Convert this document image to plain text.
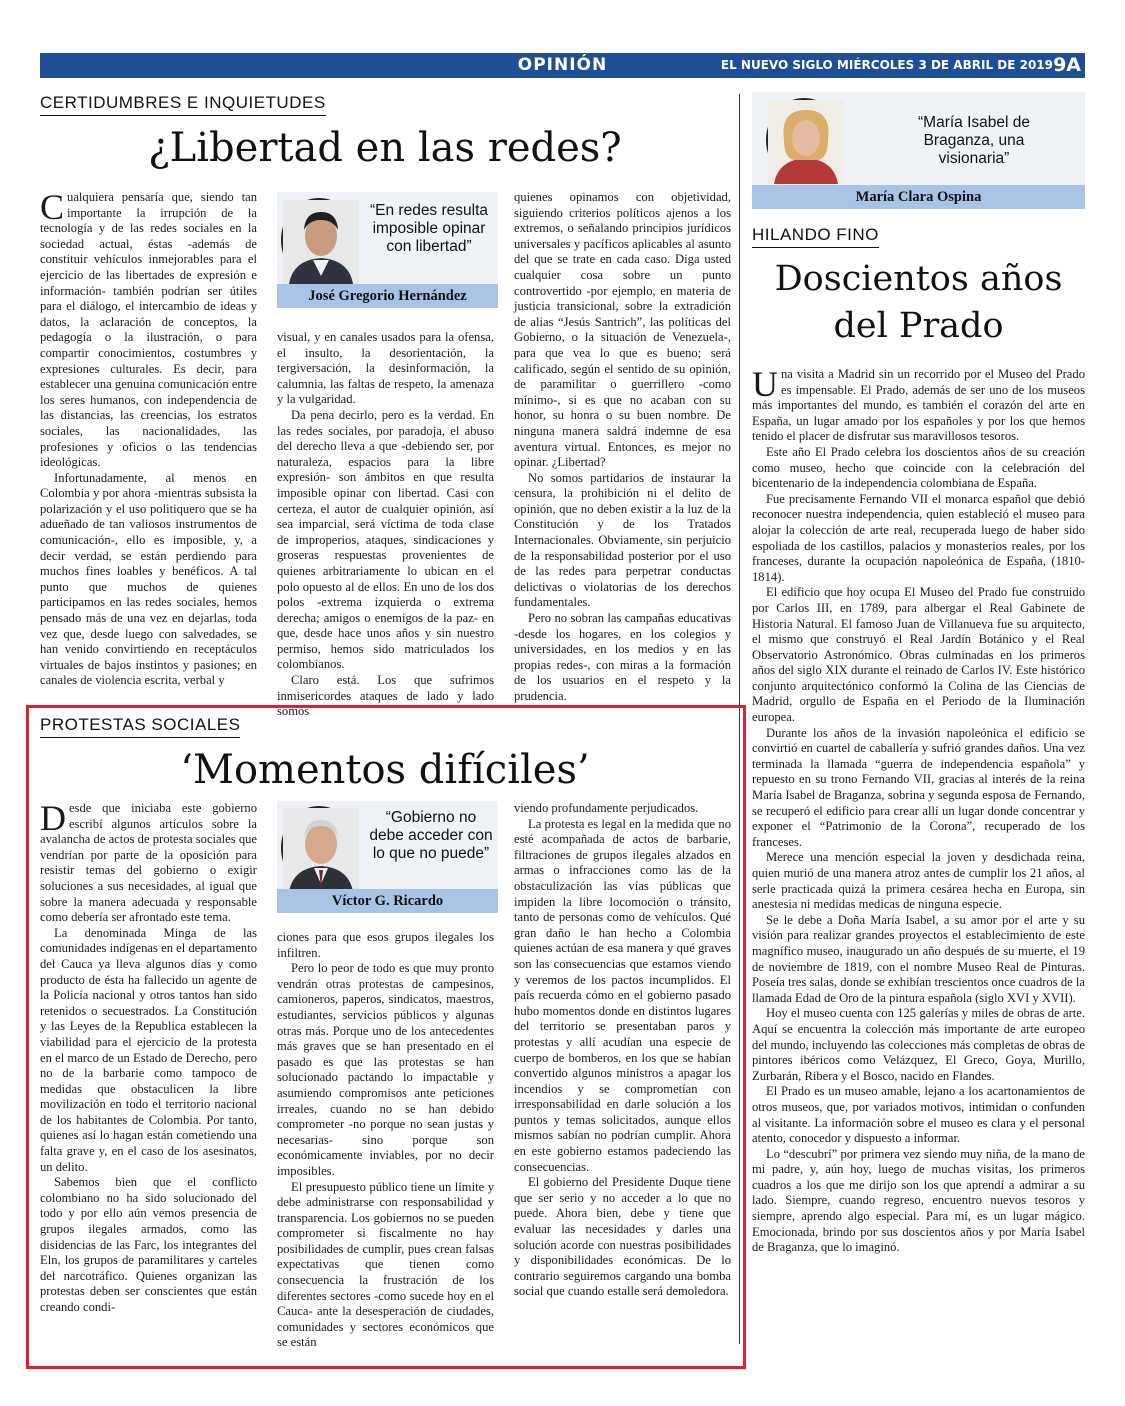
OPINIÓN	EL NUEVO SIGLO MIÉRCOLES 3 DE ABRIL DE 2019 9A
CERTIDUMBRES E INQUIETUDES
¿Libertad en las redes?
“En redes resulta imposible opinar con libertad”
José Gregorio Hernández
C ualquiera pensaría que, siendo tan importante la irrupción de la tecnología y de las redes sociales en la sociedad actual, éstas -además de constituir vehículos inmejorables para el ejercicio de las libertades de expresión e información- también podrían ser útiles para el diálogo, el intercambio de ideas y datos, la aclaración de conceptos, la pedagogía o la ilustración, o para compartir conocimientos, costumbres y expresiones culturales. Es decir, para establecer una genuina comunicación entre los seres humanos, con independencia de las distancias, las creencias, los estratos sociales, las nacionalidades, las profesiones y oficios o las tendencias ideológicas.

Infortunadamente, al menos en Colombia y por ahora -mientras subsista la polarización y el uso politiquero que se ha adueñado de tan valiosos instrumentos de comunicación-, ello es imposible, y, a decir verdad, se están perdiendo para muchos fines loables y benéficos. A tal punto que muchos de quienes participamos en las redes sociales, hemos pensado más de una vez en dejarlas, toda vez que, desde luego con salvedades, se han venido convirtiendo en receptáculos virtuales de bajos instintos y pasiones; en canales de violencia escrita, verbal y

visual, y en canales usados para la ofensa, el insulto, la desorientación, la tergiversación, la desinformación, la calumnia, las faltas de respeto, la amenaza y la vulgaridad.

Da pena decirlo, pero es la verdad. En las redes sociales, por paradoja, el abuso del derecho lleva a que -debiendo ser, por naturaleza, espacios para la libre expresión- son ámbitos en que resulta imposible opinar con libertad. Casi con certeza, el autor de cualquier opinión, así sea imparcial, será víctima de toda clase de improperios, ataques, sindicaciones y groseras respuestas provenientes de quienes arbitrariamente lo ubican en el polo opuesto al de ellos. En uno de los dos polos -extrema izquierda o extrema derecha; amigos o enemigos de la paz- en que, desde hace unos años y sin nuestro permiso, hemos sido matriculados los colombianos.

Claro está. Los que sufrimos inmisericordes ataques de lado y lado somos

quienes opinamos con objetividad, siguiendo criterios políticos ajenos a los extremos, o señalando principios jurídicos universales y pacíficos aplicables al asunto del que se trate en cada caso. Diga usted cualquier cosa sobre un punto controvertido -por ejemplo, en materia de justicia transicional, sobre la extradición de alias “Jesús Santrich”, las políticas del Gobierno, o la situación de Venezuela-, para que vea lo que es bueno; será calificado, según el sentido de su opinión, de paramilitar o guerrillero -como mínimo-, si es que no acaban con su honor, su honra o su buen nombre. De ninguna manera saldrá indemne de esa aventura virtual. Entonces, es mejor no opinar. ¿Libertad?

No somos partidarios de instaurar la censura, la prohibición ni el delito de opinión, que no deben existir a la luz de la Constitución y de los Tratados Internacionales. Obviamente, sin perjuicio de la responsabilidad posterior por el uso de las redes para perpetrar conductas delictivas o violatorias de los derechos fundamentales.

Pero no sobran las campañas educativas -desde los hogares, en los colegios y universidades, en los medios y en las propias redes-, con miras a la formación de los usuarios en el respeto y la prudencia.

PROTESTAS SOCIALES
‘Momentos difíciles’
“Gobierno no debe acceder con lo que no puede”
Víctor G. Ricardo
D esde que iniciaba este gobierno escribí algunos artículos sobre la avalancha de actos de protesta sociales que vendrían por parte de la oposición para resistir temas del gobierno o exigir soluciones a sus necesidades, al igual que sobre la manera adecuada y responsable como debería ser afrontado este tema.

La denominada Minga de las comunidades indígenas en el departamento del Cauca ya lleva algunos días y como producto de ésta ha fallecido un agente de la Policía nacional y otros tantos han sido retenidos o secuestrados. La Constitución y las Leyes de la Republica establecen la viabilidad para el ejercicio de la protesta en el marco de un Estado de Derecho, pero no de la barbarie como tampoco de medidas que obstaculicen la libre movilización en todo el territorio nacional de los habitantes de Colombia. Por tanto, quienes así lo hagan están cometiendo una falta grave y, en el caso de los asesinatos, un delito.

Sabemos bien que el conflicto colombiano no ha sido solucionado del todo y por ello aún vemos presencia de grupos ilegales armados, como las disidencias de las Farc, los integrantes del Eln, los grupos de paramilitares y carteles del narcotráfico. Quienes organizan las protestas deben ser conscientes que están creando condi-

ciones para que esos grupos ilegales los infiltren.

Pero lo peor de todo es que muy pronto vendrán otras protestas de campesinos, camioneros, paperos, sindicatos, maestros, estudiantes, servicios públicos y algunas otras más. Porque uno de los antecedentes más graves que se han presentado en el pasado es que las protestas se han solucionado pactando lo impactable y asumiendo compromisos ante peticiones irreales, cuando no se han debido comprometer -no porque no sean justas y necesarias- sino porque son económicamente inviables, por no decir imposibles.

El presupuesto público tiene un límite y debe administrarse con responsabilidad y transparencia. Los gobiernos no se pueden comprometer si fiscalmente no hay posibilidades de cumplir, pues crean falsas expectativas que tienen como consecuencia la frustración de los diferentes sectores -como sucede hoy en el Cauca- ante la desesperación de ciudades, comunidades y sectores económicos que se están

viendo profundamente perjudicados.

La protesta es legal en la medida que no esté acompañada de actos de barbarie, filtraciones de grupos ilegales alzados en armas o infracciones como las de la obstaculización las vías públicas que impiden la libre locomoción o tránsito, tanto de personas como de vehículos. Qué gran daño le han hecho a Colombia quienes actúan de esa manera y qué graves son las consecuencias que estamos viendo y veremos de los pactos incumplidos. El país recuerda cómo en el gobierno pasado hubo momentos donde en distintos lugares del territorio se presentaban paros y protestas y allí acudían una especie de cuerpo de bomberos, en los que se habían convertido algunos ministros a apagar los incendios y se comprometían con irresponsabilidad en darle solución a los puntos y temas solicitados, aunque ellos mismos sabían no podrían cumplir. Ahora en este gobierno estamos padeciendo las consecuencias.

El gobierno del Presidente Duque tiene que ser serio y no acceder a lo que no puede. Ahora bien, debe y tiene que evaluar las necesidades y darles una solución acorde con nuestras posibilidades y disponibilidades económicas. De lo contrario seguiremos cargando una bomba social que cuando estalle será demoledora.

“María Isabel de Braganza, una visionaria”
María Clara Ospina
HILANDO FINO
Doscientos años del Prado
U na visita a Madrid sin un recorrido por el Museo del Prado es impensable. El Prado, además de ser uno de los museos más importantes del mundo, es también el corazón del arte en España, un lugar amado por los españoles y por los que hemos tenido el placer de disfrutar sus maravillosos tesoros.

Este año El Prado celebra los doscientos años de su creación como museo, hecho que coincide con la celebración del bicentenario de la independencia colombiana de España.

Fue precisamente Fernando VII el monarca español que debió reconocer nuestra independencia, quien estableció el museo para alojar la colección de arte real, recuperada luego de haber sido espoliada de los castillos, palacios y monasterios reales, por los franceses, durante la ocupación napoleónica de España, (1810-1814).

El edificio que hoy ocupa El Museo del Prado fue construido por Carlos III, en 1789, para albergar el Real Gabinete de Historia Natural. El famoso Juan de Villanueva fue su arquitecto, el mismo que construyó el Real Jardín Botánico y el Real Observatorio Astronómico. Obras culminadas en los primeros años del siglo XIX durante el reinado de Carlos IV. Este histórico conjunto arquitectónico conformó la Colina de las Ciencias de Madrid, orgullo de España en el Periodo de la Iluminación europea.

Durante los años de la invasión napoleónica el edificio se convirtió en cuartel de caballería y sufrió grandes daños. Una vez terminada la llamada “guerra de independencia española” y repuesto en su trono Fernando VII, gracias al interés de la reina María Isabel de Braganza, sobrina y segunda esposa de Fernando, se recuperó el edificio para crear allí un lugar donde concentrar y exponer el “Patrimonio de la Corona”, recuperado de los franceses.

Merece una mención especial la joven y desdichada reina, quien murió de una manera atroz antes de cumplir los 21 años, al serle practicada quizá la primera cesárea hecha en Europa, sin anestesia ni medidas medicas de ninguna especie.

Se le debe a Doña María Isabel, a su amor por el arte y su visión para realizar grandes proyectos el establecimiento de este magnífico museo, inaugurado un año después de su muerte, el 19 de noviembre de 1819, con el nombre Museo Real de Pinturas. Poseía tres salas, donde se exhibían trescientos once cuadros de la llamada Edad de Oro de la pintura española (siglo XVI y XVII).

Hoy el museo cuenta con 125 galerías y miles de obras de arte. Aquí se encuentra la colección más importante de arte europeo del mundo, incluyendo las colecciones más completas de obras de pintores ibéricos como Velázquez, El Greco, Goya, Murillo, Zurbarán, Ribera y el Bosco, nacido en Flandes.

El Prado es un museo amable, lejano a los acartonamientos de otros museos, que, por variados motivos, intimidan o confunden al visitante. La información sobre el museo es clara y el personal atento, conocedor y dispuesto a informar.

Lo “descubrí” por primera vez siendo muy niña, de la mano de mi padre, y, aún hoy, luego de muchas visitas, los primeros cuadros a los que me dirijo son los que aprendí a admirar a su lado. Siempre, cuando regreso, encuentro nuevos tesoros y siempre, aprendo algo especial. Para mí, es un lugar mágico. Emocionada, brindo por sus doscientos años y por María Isabel de Braganza, que lo imaginó.
